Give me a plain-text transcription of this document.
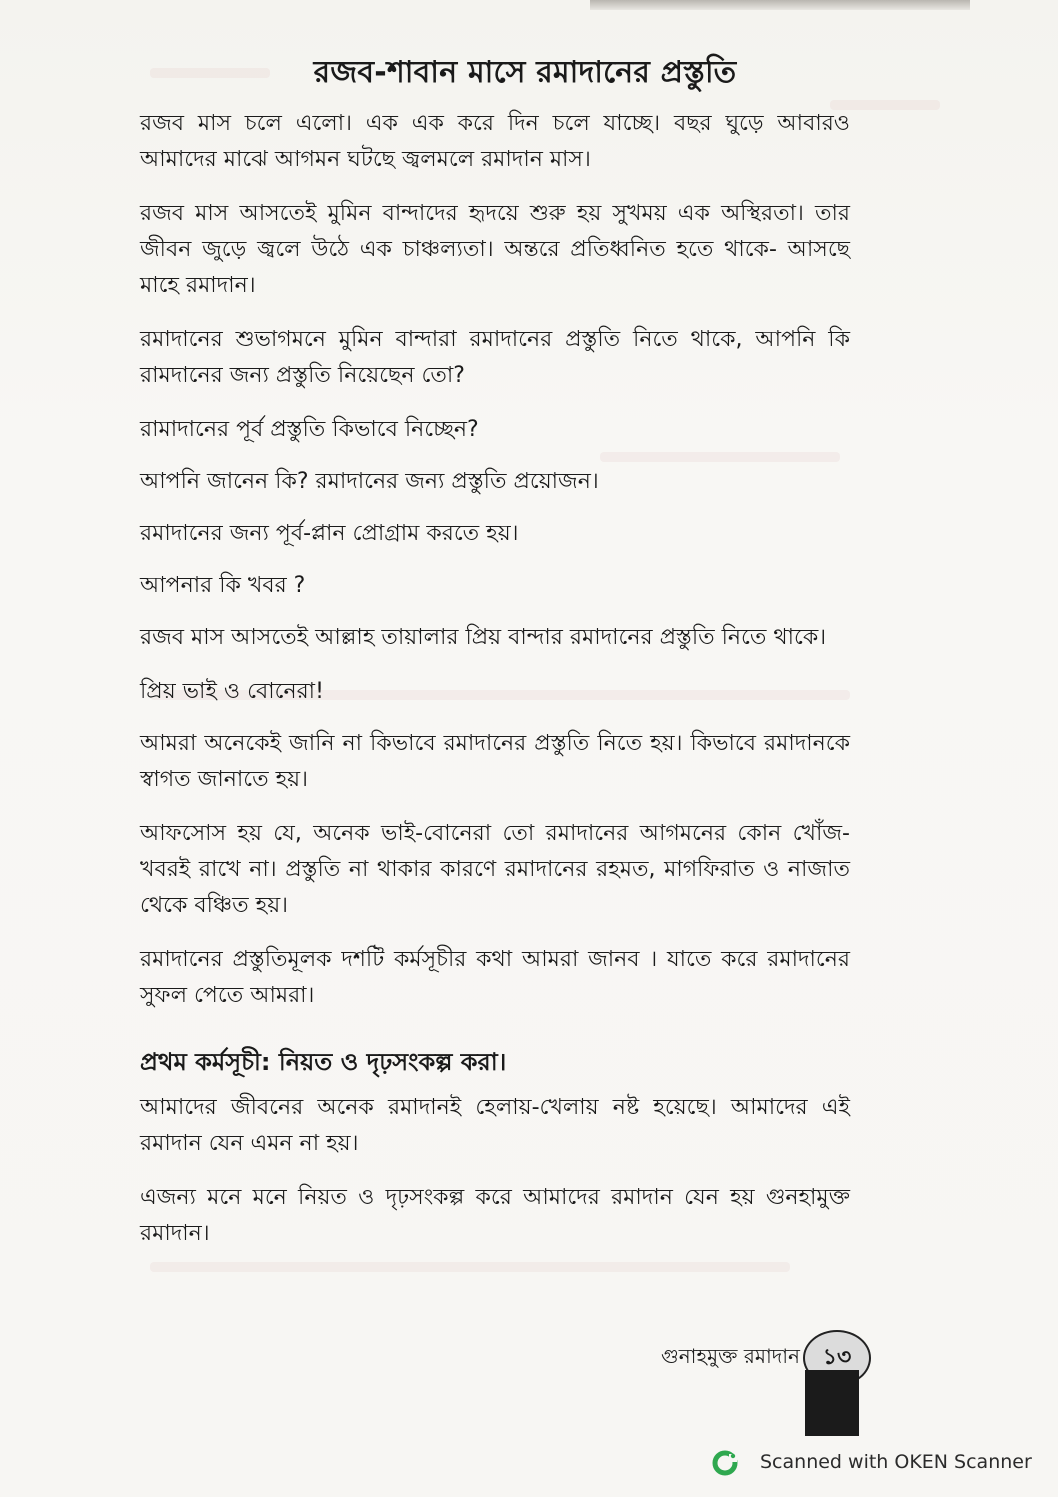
রজব-শাবান মাসে রমাদানের প্রস্তুতি

রজব মাস চলে এলো। এক এক করে দিন চলে যাচ্ছে। বছর ঘুড়ে আবারও আমাদের মাঝে আগমন ঘটছে জ্বলমলে রমাদান মাস।

রজব মাস আসতেই মুমিন বান্দাদের হৃদয়ে শুরু হয় সুখময় এক অস্থিরতা। তার জীবন জুড়ে জ্বলে উঠে এক চাঞ্চল্যতা। অন্তরে প্রতিধ্বনিত হতে থাকে- আসছে মাহে রমাদান।

রমাদানের শুভাগমনে মুমিন বান্দারা রমাদানের প্রস্তুতি নিতে থাকে, আপনি কি রামদানের জন্য প্রস্তুতি নিয়েছেন তো?

রামাদানের পূর্ব প্রস্তুতি কিভাবে নিচ্ছেন?

আপনি জানেন কি? রমাদানের জন্য প্রস্তুতি প্রয়োজন।

রমাদানের জন্য পূর্ব-প্লান প্রোগ্রাম করতে হয়।

আপনার কি খবর ?

রজব মাস আসতেই আল্লাহ তায়ালার প্রিয় বান্দার রমাদানের প্রস্তুতি নিতে থাকে।

প্রিয় ভাই ও বোনেরা!

আমরা অনেকেই জানি না কিভাবে রমাদানের প্রস্তুতি নিতে হয়। কিভাবে রমাদানকে স্বাগত জানাতে হয়।

আফসোস হয় যে, অনেক ভাই-বোনেরা তো রমাদানের আগমনের কোন খোঁজ-খবরই রাখে না। প্রস্তুতি না থাকার কারণে রমাদানের রহমত, মাগফিরাত ও নাজাত থেকে বঞ্চিত হয়।

রমাদানের প্রস্তুতিমূলক দশটি কর্মসূচীর কথা আমরা জানব । যাতে করে রমাদানের সুফল পেতে আমরা।

প্রথম কর্মসূচী: নিয়ত ও দৃঢ়সংকল্প করা।

আমাদের জীবনের অনেক রমাদানই হেলায়-খেলায় নষ্ট হয়েছে। আমাদের এই রমাদান যেন এমন না হয়।

এজন্য মনে মনে নিয়ত ও দৃঢ়সংকল্প করে আমাদের রমাদান যেন হয় গুনহামুক্ত রমাদান।

গুনাহমুক্ত রমাদান	১৩
Scanned with OKEN Scanner
